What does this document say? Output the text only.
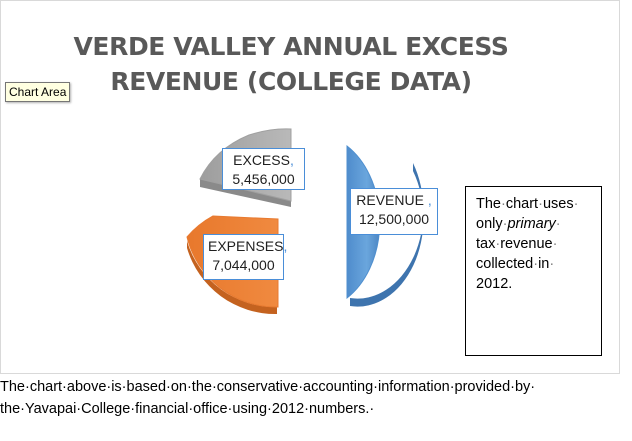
VERDE VALLEY ANNUAL EXCESS
REVENUE (COLLEGE DATA)
EXCESS,
5,456,000
REVENUE ,
12,500,000
EXPENSES,
7,044,000
Chart Area
The·chart·uses·
only·primary·
tax·revenue·
collected·in·
2012.
The·chart·above·is·based·on·the·conservative·accounting·information·provided·by·
the·Yavapai·College·financial·office·using·2012·numbers.·
